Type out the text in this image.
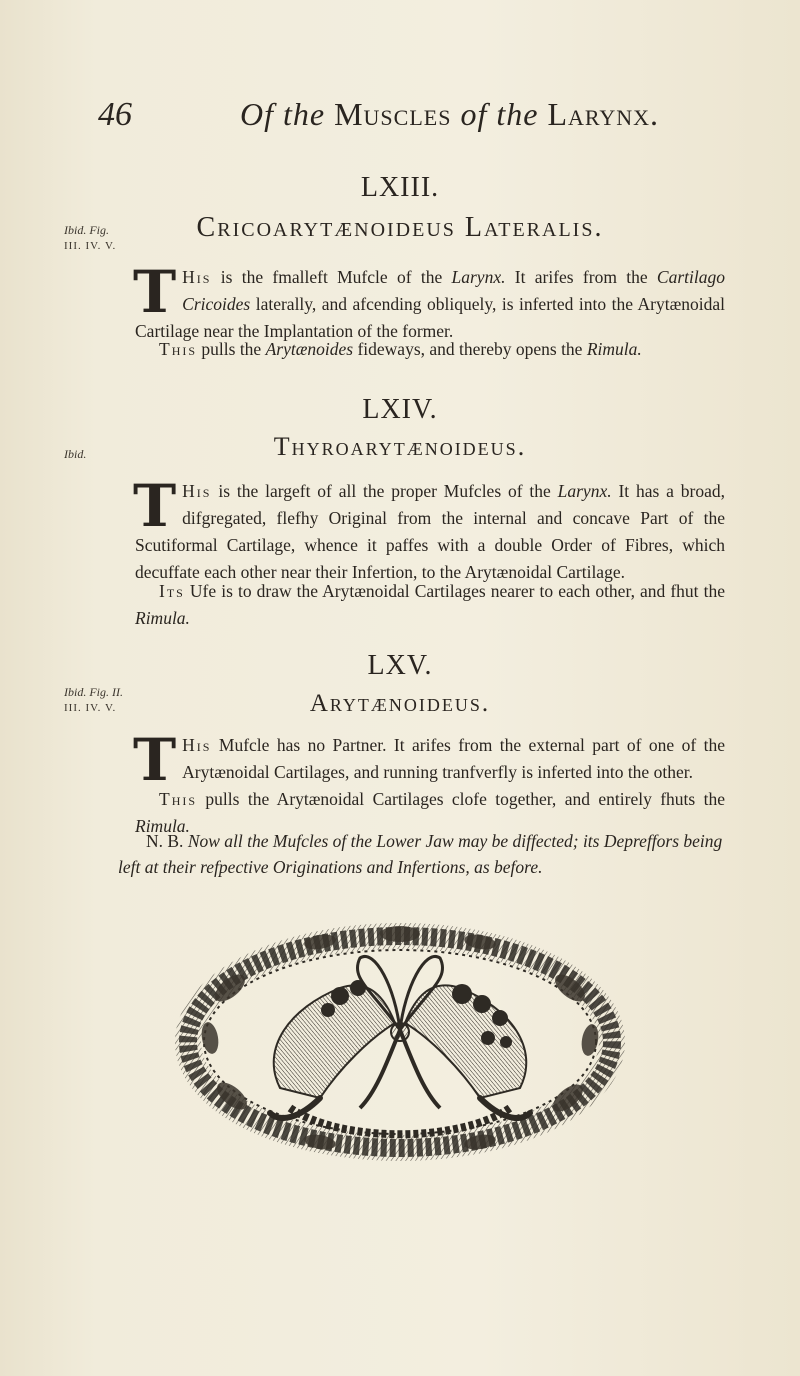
46	Of the Muscles of the Larynx.
LXIII.
Cricoarytænoideus Lateralis.
Ibid. Fig.
III. IV. V.

T His is the fmalleft Mufcle of the Larynx. It arifes from the Cartilago Cricoides laterally, and afcending obliquely, is inferted into the Arytænoidal Cartilage near the Implantation of the former.

This pulls the Arytænoides fideways, and thereby opens the Rimula.

LXIV.
Thyroarytænoideus.
Ibid.

T His is the largeft of all the proper Mufcles of the Larynx. It has a broad, difgregated, flefhy Original from the internal and concave Part of the Scutiformal Cartilage, whence it paffes with a double Order of Fibres, which decuffate each other near their Infertion, to the Arytænoidal Cartilage.

Its Ufe is to draw the Arytænoidal Cartilages nearer to each other, and fhut the Rimula.

LXV.
Arytænoideus.
Ibid. Fig. II.
III. IV. V.

T His Mufcle has no Partner. It arifes from the external part of one of the Arytænoidal Cartilages, and running tranfverfly is inferted into the other.

This pulls the Arytænoidal Cartilages clofe together, and entirely fhuts the Rimula.

N. B. Now all the Mufcles of the Lower Jaw may be diffected; its Depreffors being left at their refpective Originations and Infertions, as before.
